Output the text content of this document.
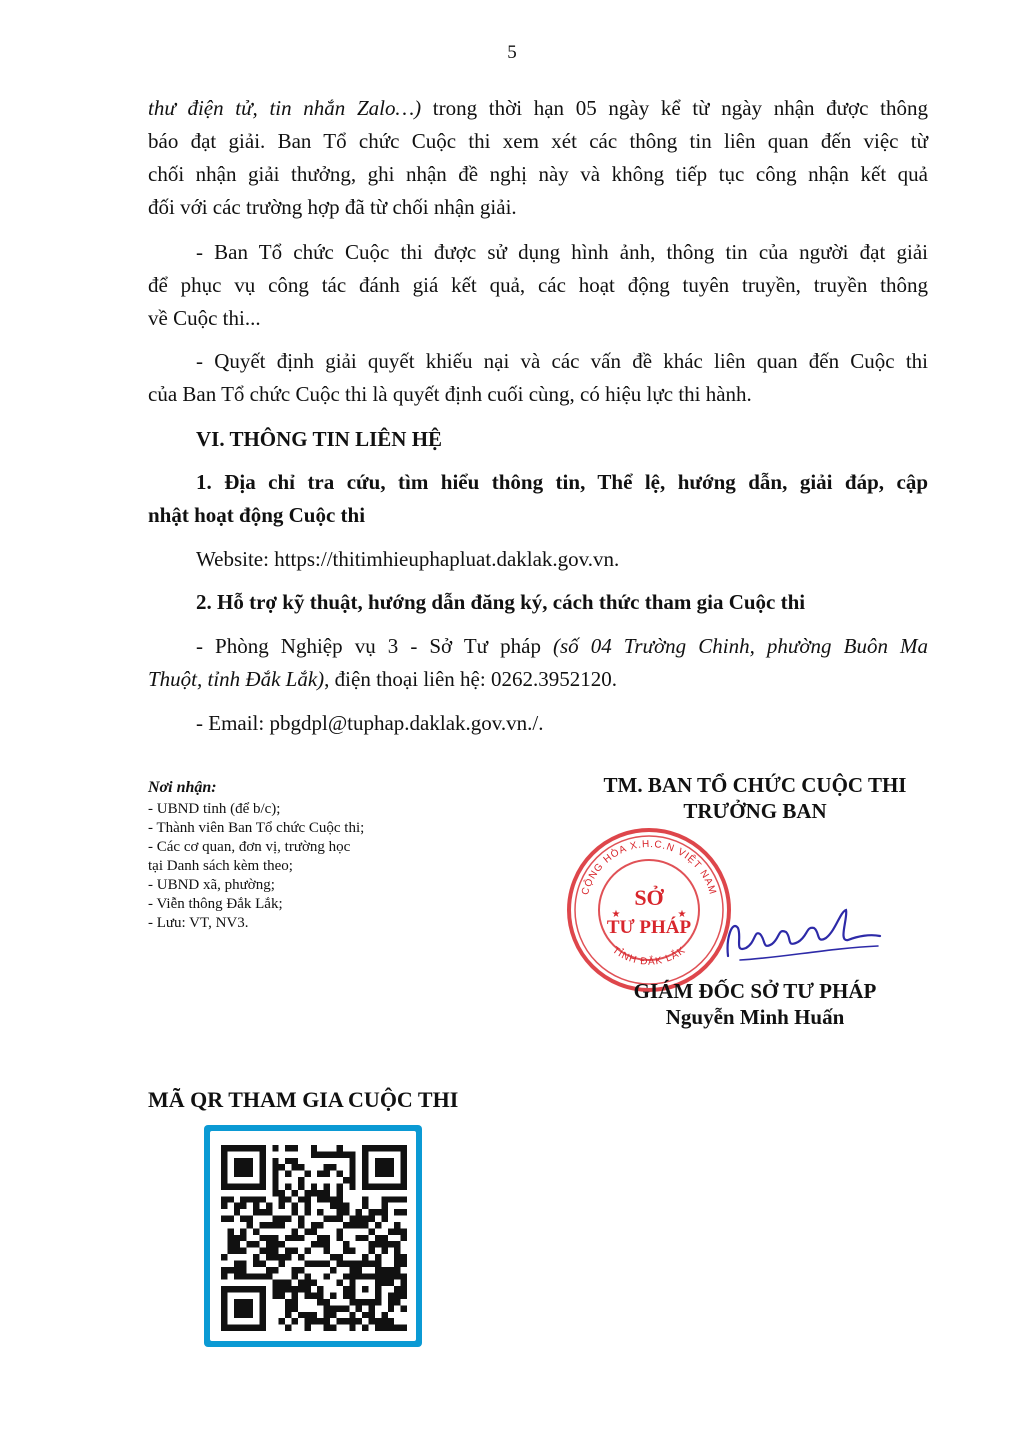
5
thư điện tử, tin nhắn Zalo…) trong thời hạn 05 ngày kể từ ngày nhận được thông
báo đạt giải. Ban Tổ chức Cuộc thi xem xét các thông tin liên quan đến việc từ
chối nhận giải thưởng, ghi nhận đề nghị này và không tiếp tục công nhận kết quả
đối với các trường hợp đã từ chối nhận giải.
- Ban Tổ chức Cuộc thi được sử dụng hình ảnh, thông tin của người đạt giải
để phục vụ công tác đánh giá kết quả, các hoạt động tuyên truyền, truyền thông
về Cuộc thi...
- Quyết định giải quyết khiếu nại và các vấn đề khác liên quan đến Cuộc thi
của Ban Tổ chức Cuộc thi là quyết định cuối cùng, có hiệu lực thi hành.
VI. THÔNG TIN LIÊN HỆ
1. Địa chỉ tra cứu, tìm hiểu thông tin, Thể lệ, hướng dẫn, giải đáp, cập
nhật hoạt động Cuộc thi
Website: https://thitimhieuphapluat.daklak.gov.vn.
2. Hỗ trợ kỹ thuật, hướng dẫn đăng ký, cách thức tham gia Cuộc thi
- Phòng Nghiệp vụ 3 - Sở Tư pháp (số 04 Trường Chinh, phường Buôn Ma
Thuột, tỉnh Đắk Lắk), điện thoại liên hệ: 0262.3952120.
- Email: pbgdpl@tuphap.daklak.gov.vn./.
Nơi nhận:
- UBND tỉnh (để b/c);
- Thành viên Ban Tổ chức Cuộc thi;
- Các cơ quan, đơn vị, trường học
tại Danh sách kèm theo;
- UBND xã, phường;
- Viễn thông Đắk Lắk;
- Lưu: VT, NV3.
TM. BAN TỔ CHỨC CUỘC THI
TRƯỞNG BAN
CỘNG HÒA X.H.C.N VIỆT NAM
TỈNH ĐẮK LẮK
SỞ
TƯ PHÁP
★	★
GIÁM ĐỐC SỞ TƯ PHÁP
Nguyễn Minh Huấn
MÃ QR THAM GIA CUỘC THI
